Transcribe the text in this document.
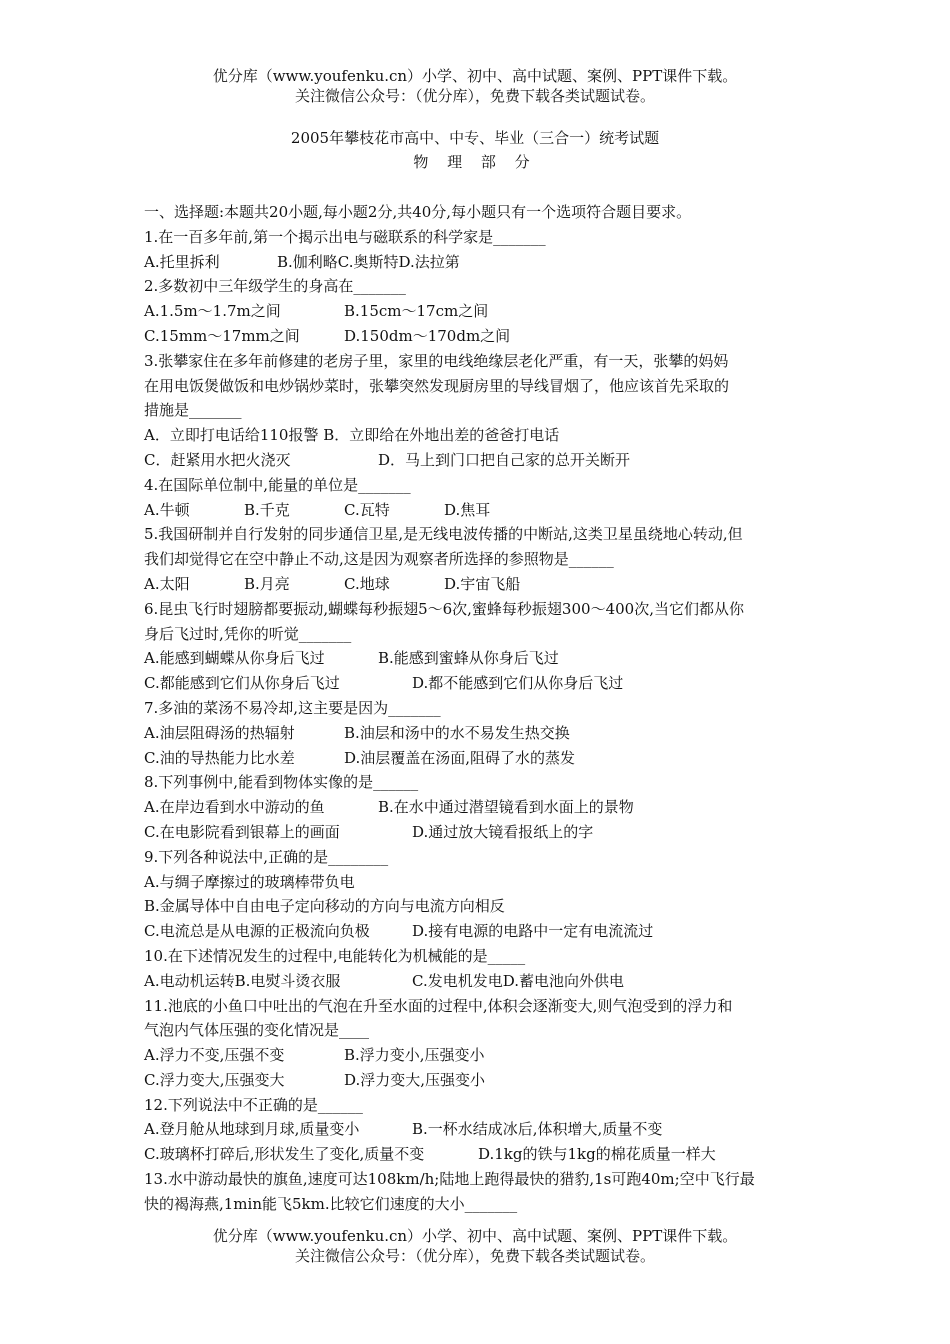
优分库（www.youfenku.cn）小学、初中、高中试题、案例、PPT课件下载。
关注微信公众号：（优分库），免费下载各类试题试卷。
2005年攀枝花市高中、中专、毕业（三合一）统考试题
物 理 部 分
一、选择题:本题共20小题,每小题2分,共40分,每小题只有一个选项符合题目要求。
1.在一百多年前,第一个揭示出电与磁联系的科学家是_______
A.托里拆利	B.伽利略C.奥斯特D.法拉第
2.多数初中三年级学生的身高在_______
A.1.5m～1.7m之间	B.15cm～17cm之间
C.15mm～17mm之间	D.150dm～170dm之间
3.张攀家住在多年前修建的老房子里，家里的电线绝缘层老化严重，有一天，张攀的妈妈
在用电饭煲做饭和电炒锅炒菜时，张攀突然发现厨房里的导线冒烟了，他应该首先采取的
措施是_______
A．立即打电话给110报警 B．立即给在外地出差的爸爸打电话
C．赶紧用水把火浇灭	D．马上到门口把自己家的总开关断开
4.在国际单位制中,能量的单位是_______
A.牛顿	B.千克	C.瓦特	D.焦耳
5.我国研制并自行发射的同步通信卫星,是无线电波传播的中断站,这类卫星虽绕地心转动,但
我们却觉得它在空中静止不动,这是因为观察者所选择的参照物是______
A.太阳	B.月亮	C.地球	D.宇宙飞船
6.昆虫飞行时翅膀都要振动,蝴蝶每秒振翅5～6次,蜜蜂每秒振翅300～400次,当它们都从你
身后飞过时,凭你的听觉_______
A.能感到蝴蝶从你身后飞过	B.能感到蜜蜂从你身后飞过
C.都能感到它们从你身后飞过	D.都不能感到它们从你身后飞过
7.多油的菜汤不易冷却,这主要是因为_______
A.油层阻碍汤的热辐射	B.油层和汤中的水不易发生热交换
C.油的导热能力比水差	D.油层覆盖在汤面,阻碍了水的蒸发
8.下列事例中,能看到物体实像的是______
A.在岸边看到水中游动的鱼	B.在水中通过潜望镜看到水面上的景物
C.在电影院看到银幕上的画面	D.通过放大镜看报纸上的字
9.下列各种说法中,正确的是________
A.与绸子摩擦过的玻璃棒带负电
B.金属导体中自由电子定向移动的方向与电流方向相反
C.电流总是从电源的正极流向负极	D.接有电源的电路中一定有电流流过
10.在下述情况发生的过程中,电能转化为机械能的是_____
A.电动机运转B.电熨斗烫衣服	C.发电机发电D.蓄电池向外供电
11.池底的小鱼口中吐出的气泡在升至水面的过程中,体积会逐渐变大,则气泡受到的浮力和
气泡内气体压强的变化情况是____
A.浮力不变,压强不变	B.浮力变小,压强变小
C.浮力变大,压强变大	D.浮力变大,压强变小
12.下列说法中不正确的是______
A.登月舱从地球到月球,质量变小	B.一杯水结成冰后,体积增大,质量不变
C.玻璃杯打碎后,形状发生了变化,质量不变	D.1kg的铁与1kg的棉花质量一样大
13.水中游动最快的旗鱼,速度可达108km/h;陆地上跑得最快的猎豹,1s可跑40m;空中飞行最
快的褐海燕,1min能飞5km.比较它们速度的大小_______
优分库（www.youfenku.cn）小学、初中、高中试题、案例、PPT课件下载。
关注微信公众号：（优分库），免费下载各类试题试卷。
